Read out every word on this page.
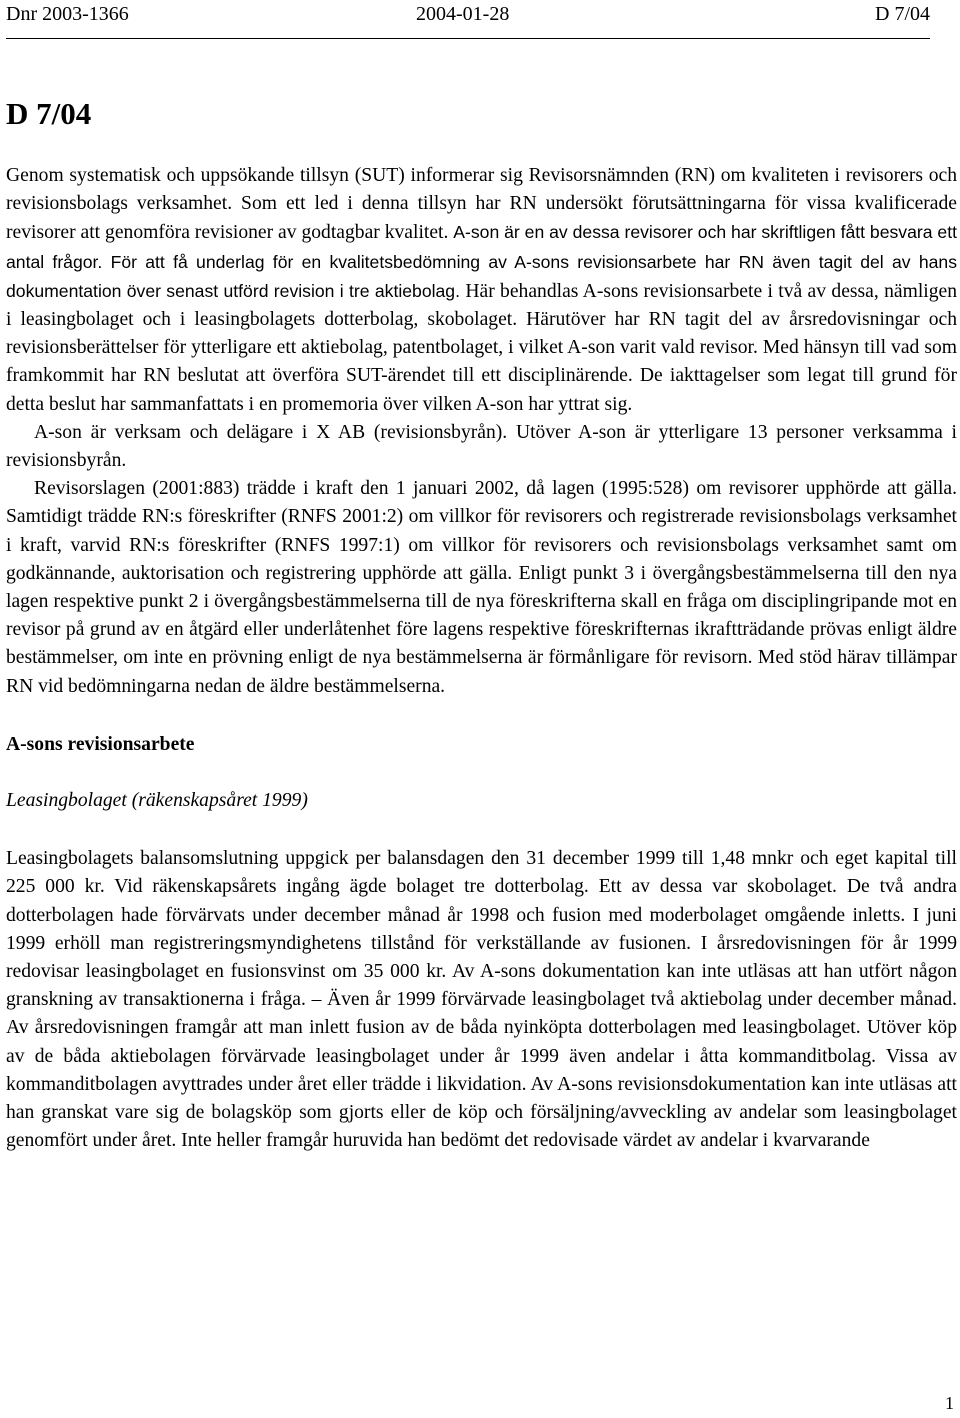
Dnr 2003-1366	2004-01-28	D 7/04
D 7/04

Genom systematisk och uppsökande tillsyn (SUT) informerar sig Revisorsnämnden (RN) om kvaliteten i revisorers och revisionsbolags verksamhet. Som ett led i denna tillsyn har RN undersökt förutsättningarna för vissa kvalificerade revisorer att genomföra revisioner av godtagbar kvalitet. A-son är en av dessa revisorer och har skriftligen fått besvara ett antal frågor. För att få underlag för en kvalitetsbedömning av A-sons revisionsarbete har RN även tagit del av hans dokumentation över senast utförd revision i tre aktiebolag. Här behandlas A-sons revisionsarbete i två av dessa, nämligen i leasingbolaget och i leasingbolagets dotterbolag, skobolaget. Härutöver har RN tagit del av årsredovisningar och revisionsberättelser för ytterligare ett aktiebolag, patentbolaget, i vilket A-son varit vald revisor. Med hänsyn till vad som framkommit har RN beslutat att överföra SUT-ärendet till ett disciplinärende. De iakttagelser som legat till grund för detta beslut har sammanfattats i en promemoria över vilken A-son har yttrat sig.

A-son är verksam och delägare i X AB (revisionsbyrån). Utöver A-son är ytterligare 13 personer verksamma i revisionsbyrån.

Revisorslagen (2001:883) trädde i kraft den 1 januari 2002, då lagen (1995:528) om revisorer upphörde att gälla. Samtidigt trädde RN:s föreskrifter (RNFS 2001:2) om villkor för revisorers och registrerade revisionsbolags verksamhet i kraft, varvid RN:s föreskrifter (RNFS 1997:1) om villkor för revisorers och revisionsbolags verksamhet samt om godkännande, auktorisation och registrering upphörde att gälla. Enligt punkt 3 i övergångsbestämmelserna till den nya lagen respektive punkt 2 i övergångsbestämmelserna till de nya föreskrifterna skall en fråga om disciplingripande mot en revisor på grund av en åtgärd eller underlåtenhet före lagens respektive föreskrifternas ikraftträdande prövas enligt äldre bestämmelser, om inte en prövning enligt de nya bestämmelserna är förmånligare för revisorn. Med stöd härav tillämpar RN vid bedömningarna nedan de äldre bestämmelserna.

A-sons revisionsarbete

Leasingbolaget (räkenskapsåret 1999)

Leasingbolagets balansomslutning uppgick per balansdagen den 31 december 1999 till 1,48 mnkr och eget kapital till 225 000 kr. Vid räkenskapsårets ingång ägde bolaget tre dotterbolag. Ett av dessa var skobolaget. De två andra dotterbolagen hade förvärvats under december månad år 1998 och fusion med moderbolaget omgående inletts. I juni 1999 erhöll man registreringsmyndighetens tillstånd för verkställande av fusionen. I årsredovisningen för år 1999 redovisar leasingbolaget en fusionsvinst om 35 000 kr. Av A-sons dokumentation kan inte utläsas att han utfört någon granskning av transaktionerna i fråga. – Även år 1999 förvärvade leasingbolaget två aktiebolag under december månad. Av årsredovisningen framgår att man inlett fusion av de båda nyinköpta dotterbolagen med leasingbolaget. Utöver köp av de båda aktiebolagen förvärvade leasingbolaget under år 1999 även andelar i åtta kommanditbolag. Vissa av kommanditbolagen avyttrades under året eller trädde i likvidation. Av A-sons revisionsdokumentation kan inte utläsas att han granskat vare sig de bolagsköp som gjorts eller de köp och försäljning/avveckling av andelar som leasingbolaget genomfört under året. Inte heller framgår huruvida han bedömt det redovisade värdet av andelar i kvarvarande

1
